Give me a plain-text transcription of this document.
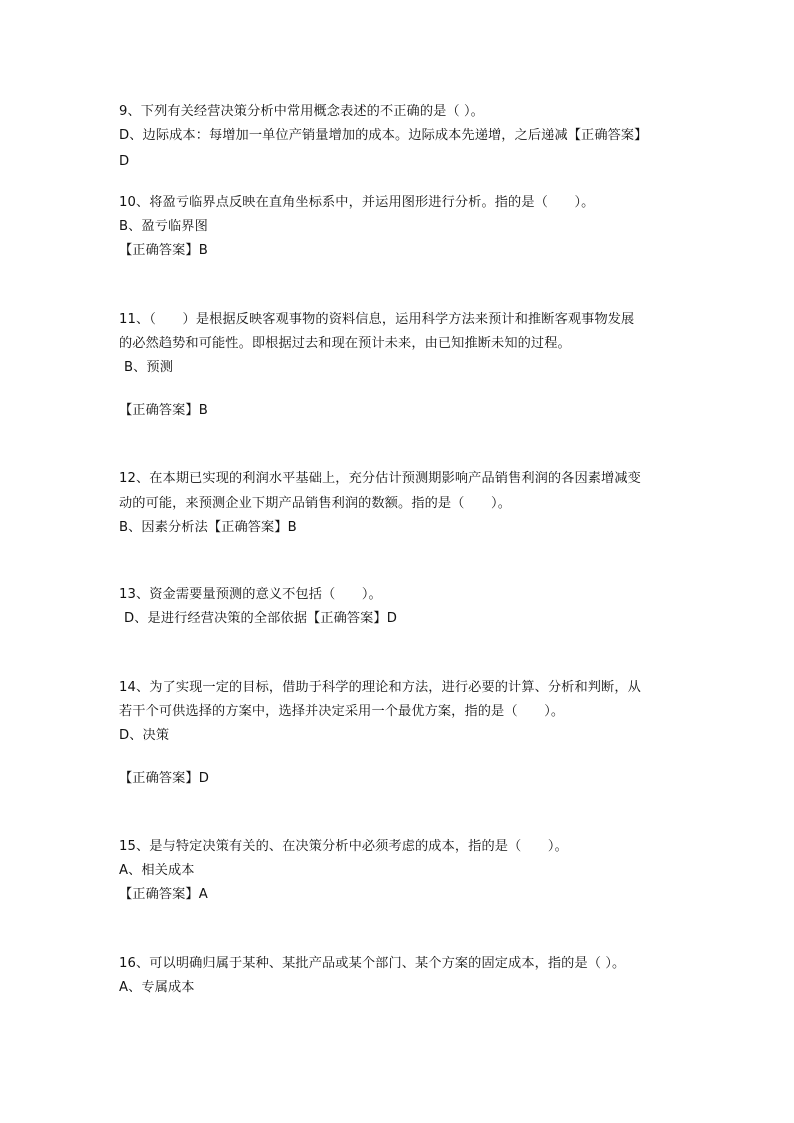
9、下列有关经营决策分析中常用概念表述的不正确的是（ ）。
D、边际成本：每增加一单位产销量增加的成本。边际成本先递增，之后递减【正确答案】
D
10、将盈亏临界点反映在直角坐标系中，并运用图形进行分析。指的是（　　）。
B、盈亏临界图
【正确答案】B
11、（　　）是根据反映客观事物的资料信息，运用科学方法来预计和推断客观事物发展
的必然趋势和可能性。即根据过去和现在预计未来，由已知推断未知的过程。
B、预测
【正确答案】B
12、在本期已实现的利润水平基础上，充分估计预测期影响产品销售利润的各因素增减变
动的可能，来预测企业下期产品销售利润的数额。指的是（　　）。
B、因素分析法【正确答案】B
13、资金需要量预测的意义不包括（　　）。
D、是进行经营决策的全部依据【正确答案】D
14、为了实现一定的目标，借助于科学的理论和方法，进行必要的计算、分析和判断，从
若干个可供选择的方案中，选择并决定采用一个最优方案，指的是（　　）。
D、决策
【正确答案】D
15、是与特定决策有关的、在决策分析中必须考虑的成本，指的是（　　）。
A、相关成本
【正确答案】A
16、可以明确归属于某种、某批产品或某个部门、某个方案的固定成本，指的是（ ）。
A、专属成本
